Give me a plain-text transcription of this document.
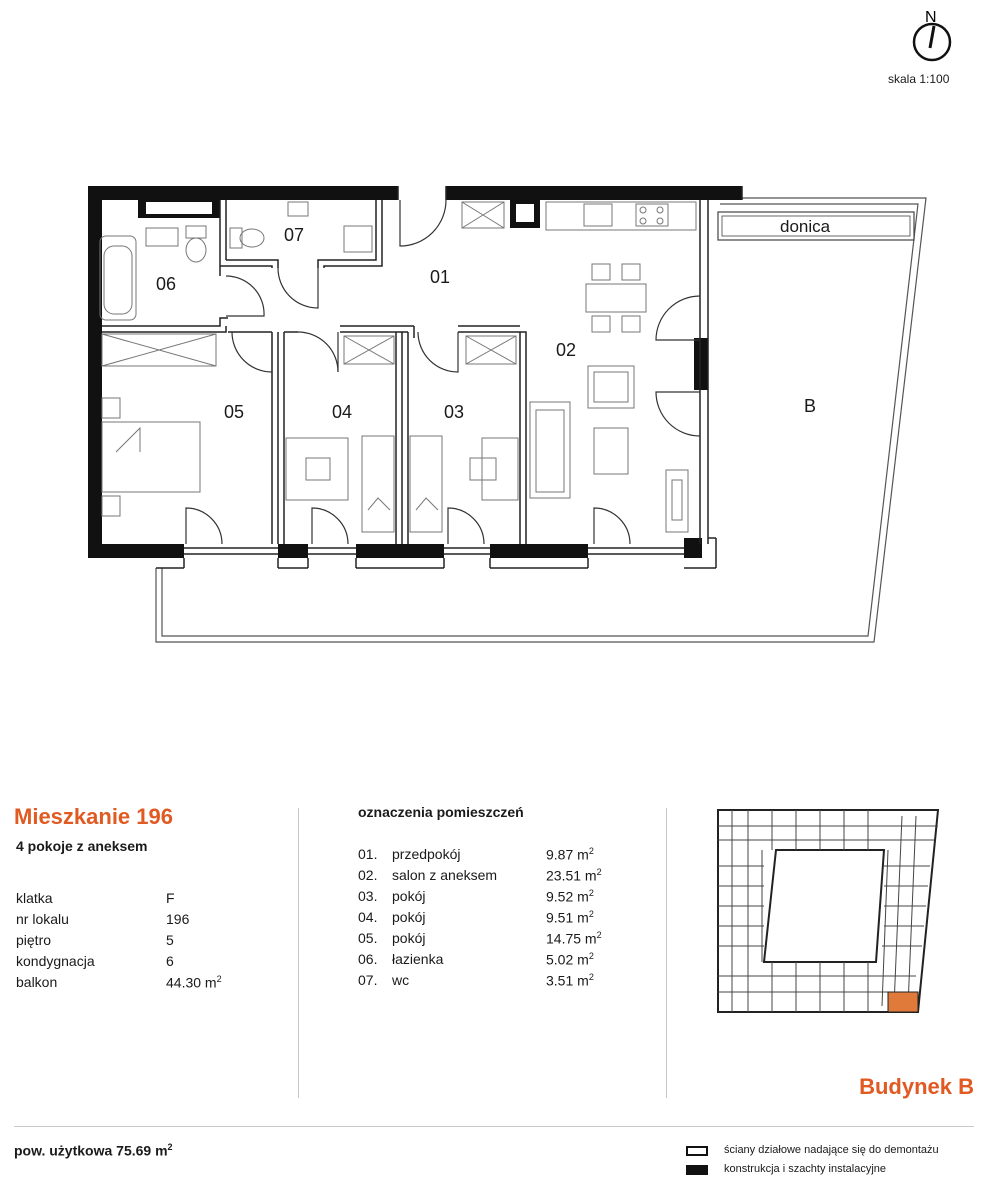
N
donica
01
02
03
04
05
06
07
B
skala 1:100
Mieszkanie 196
4 pokoje z aneksem
klatka	F
nr lokalu	196
piętro	5
kondygnacja	6
balkon	44.30 $m^2$
oznaczenia pomieszczeń
01. przedpokój	9.87 $m^2$
02. salon z aneksem	23.51 $m^2$
03. pokój	9.52 $m^2$
04. pokój	9.51 $m^2$
05. pokój	14.75 $m^2$
06. łazienka	5.02 $m^2$
07. wc	3.51 $m^2$
Budynek B
pow. użytkowa 75.69 $m^2$	ściany działowe nadające się do demontażu
konstrukcja i szachty instalacyjne
